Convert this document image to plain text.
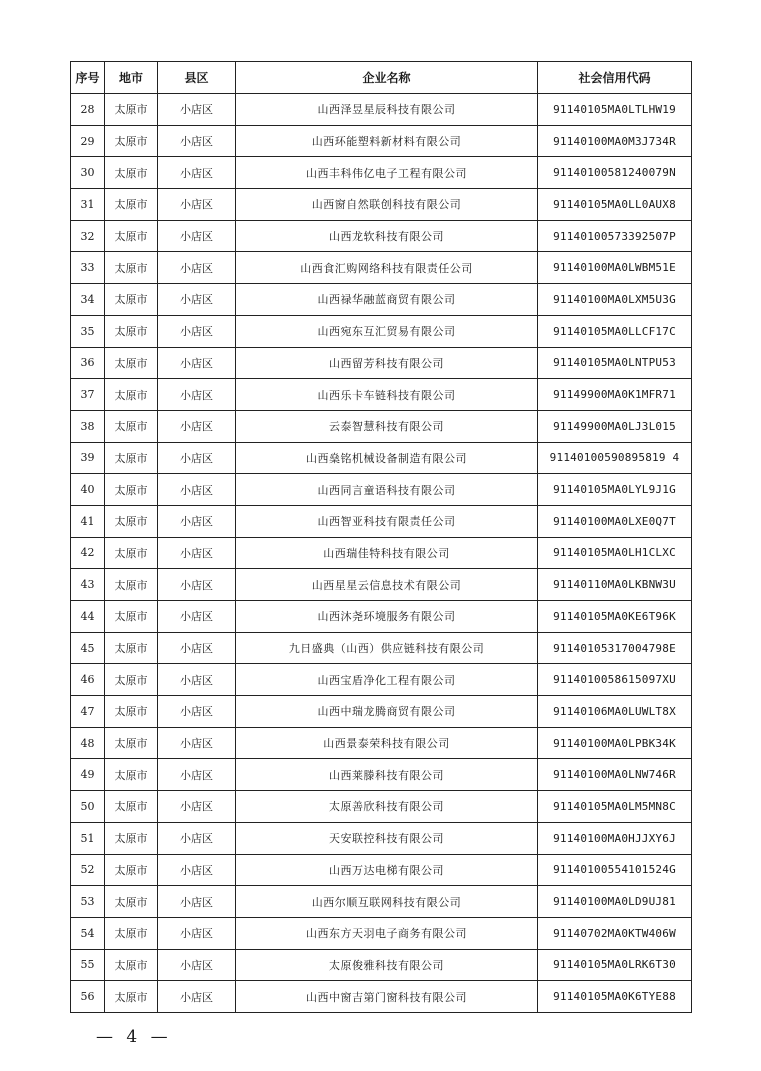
序号	地市	县区	企业名称	社会信用代码
28	太原市	小店区	山西泽昱星辰科技有限公司	91140105MA0LTLHW19
29	太原市	小店区	山西环能塑料新材料有限公司	91140100MA0M3J734R
30	太原市	小店区	山西丰科伟亿电子工程有限公司	91140100581240079N
31	太原市	小店区	山西窗自然联创科技有限公司	91140105MA0LL0AUX8
32	太原市	小店区	山西龙软科技有限公司	91140100573392507P
33	太原市	小店区	山西食汇购网络科技有限责任公司	91140100MA0LWBM51E
34	太原市	小店区	山西禄华融蓝商贸有限公司	91140100MA0LXM5U3G
35	太原市	小店区	山西宛东互汇贸易有限公司	91140105MA0LLCF17C
36	太原市	小店区	山西留芳科技有限公司	91140105MA0LNTPU53
37	太原市	小店区	山西乐卡车链科技有限公司	91149900MA0K1MFR71
38	太原市	小店区	云泰智慧科技有限公司	91149900MA0LJ3L015
39	太原市	小店区	山西燊铭机械设备制造有限公司	91140100590895819 4
40	太原市	小店区	山西同言童语科技有限公司	91140105MA0LYL9J1G
41	太原市	小店区	山西智亚科技有限责任公司	91140100MA0LXE0Q7T
42	太原市	小店区	山西瑞佳特科技有限公司	91140105MA0LH1CLXC
43	太原市	小店区	山西星星云信息技术有限公司	91140110MA0LKBNW3U
44	太原市	小店区	山西沐尧环境服务有限公司	91140105MA0KE6T96K
45	太原市	小店区	九日盛典（山西）供应链科技有限公司	91140105317004798E
46	太原市	小店区	山西宝盾净化工程有限公司	9114010058615097XU
47	太原市	小店区	山西中瑞龙腾商贸有限公司	91140106MA0LUWLT8X
48	太原市	小店区	山西景泰荣科技有限公司	91140100MA0LPBK34K
49	太原市	小店区	山西莱滕科技有限公司	91140100MA0LNW746R
50	太原市	小店区	太原善欣科技有限公司	91140105MA0LM5MN8C
51	太原市	小店区	天安联控科技有限公司	91140100MA0HJJXY6J
52	太原市	小店区	山西万达电梯有限公司	91140100554101524G
53	太原市	小店区	山西尔顺互联网科技有限公司	91140100MA0LD9UJ81
54	太原市	小店区	山西东方天羽电子商务有限公司	91140702MA0KTW406W
55	太原市	小店区	太原俊雅科技有限公司	91140105MA0LRK6T30
56	太原市	小店区	山西中窗吉第门窗科技有限公司	91140105MA0K6TYE88
— 4 —
